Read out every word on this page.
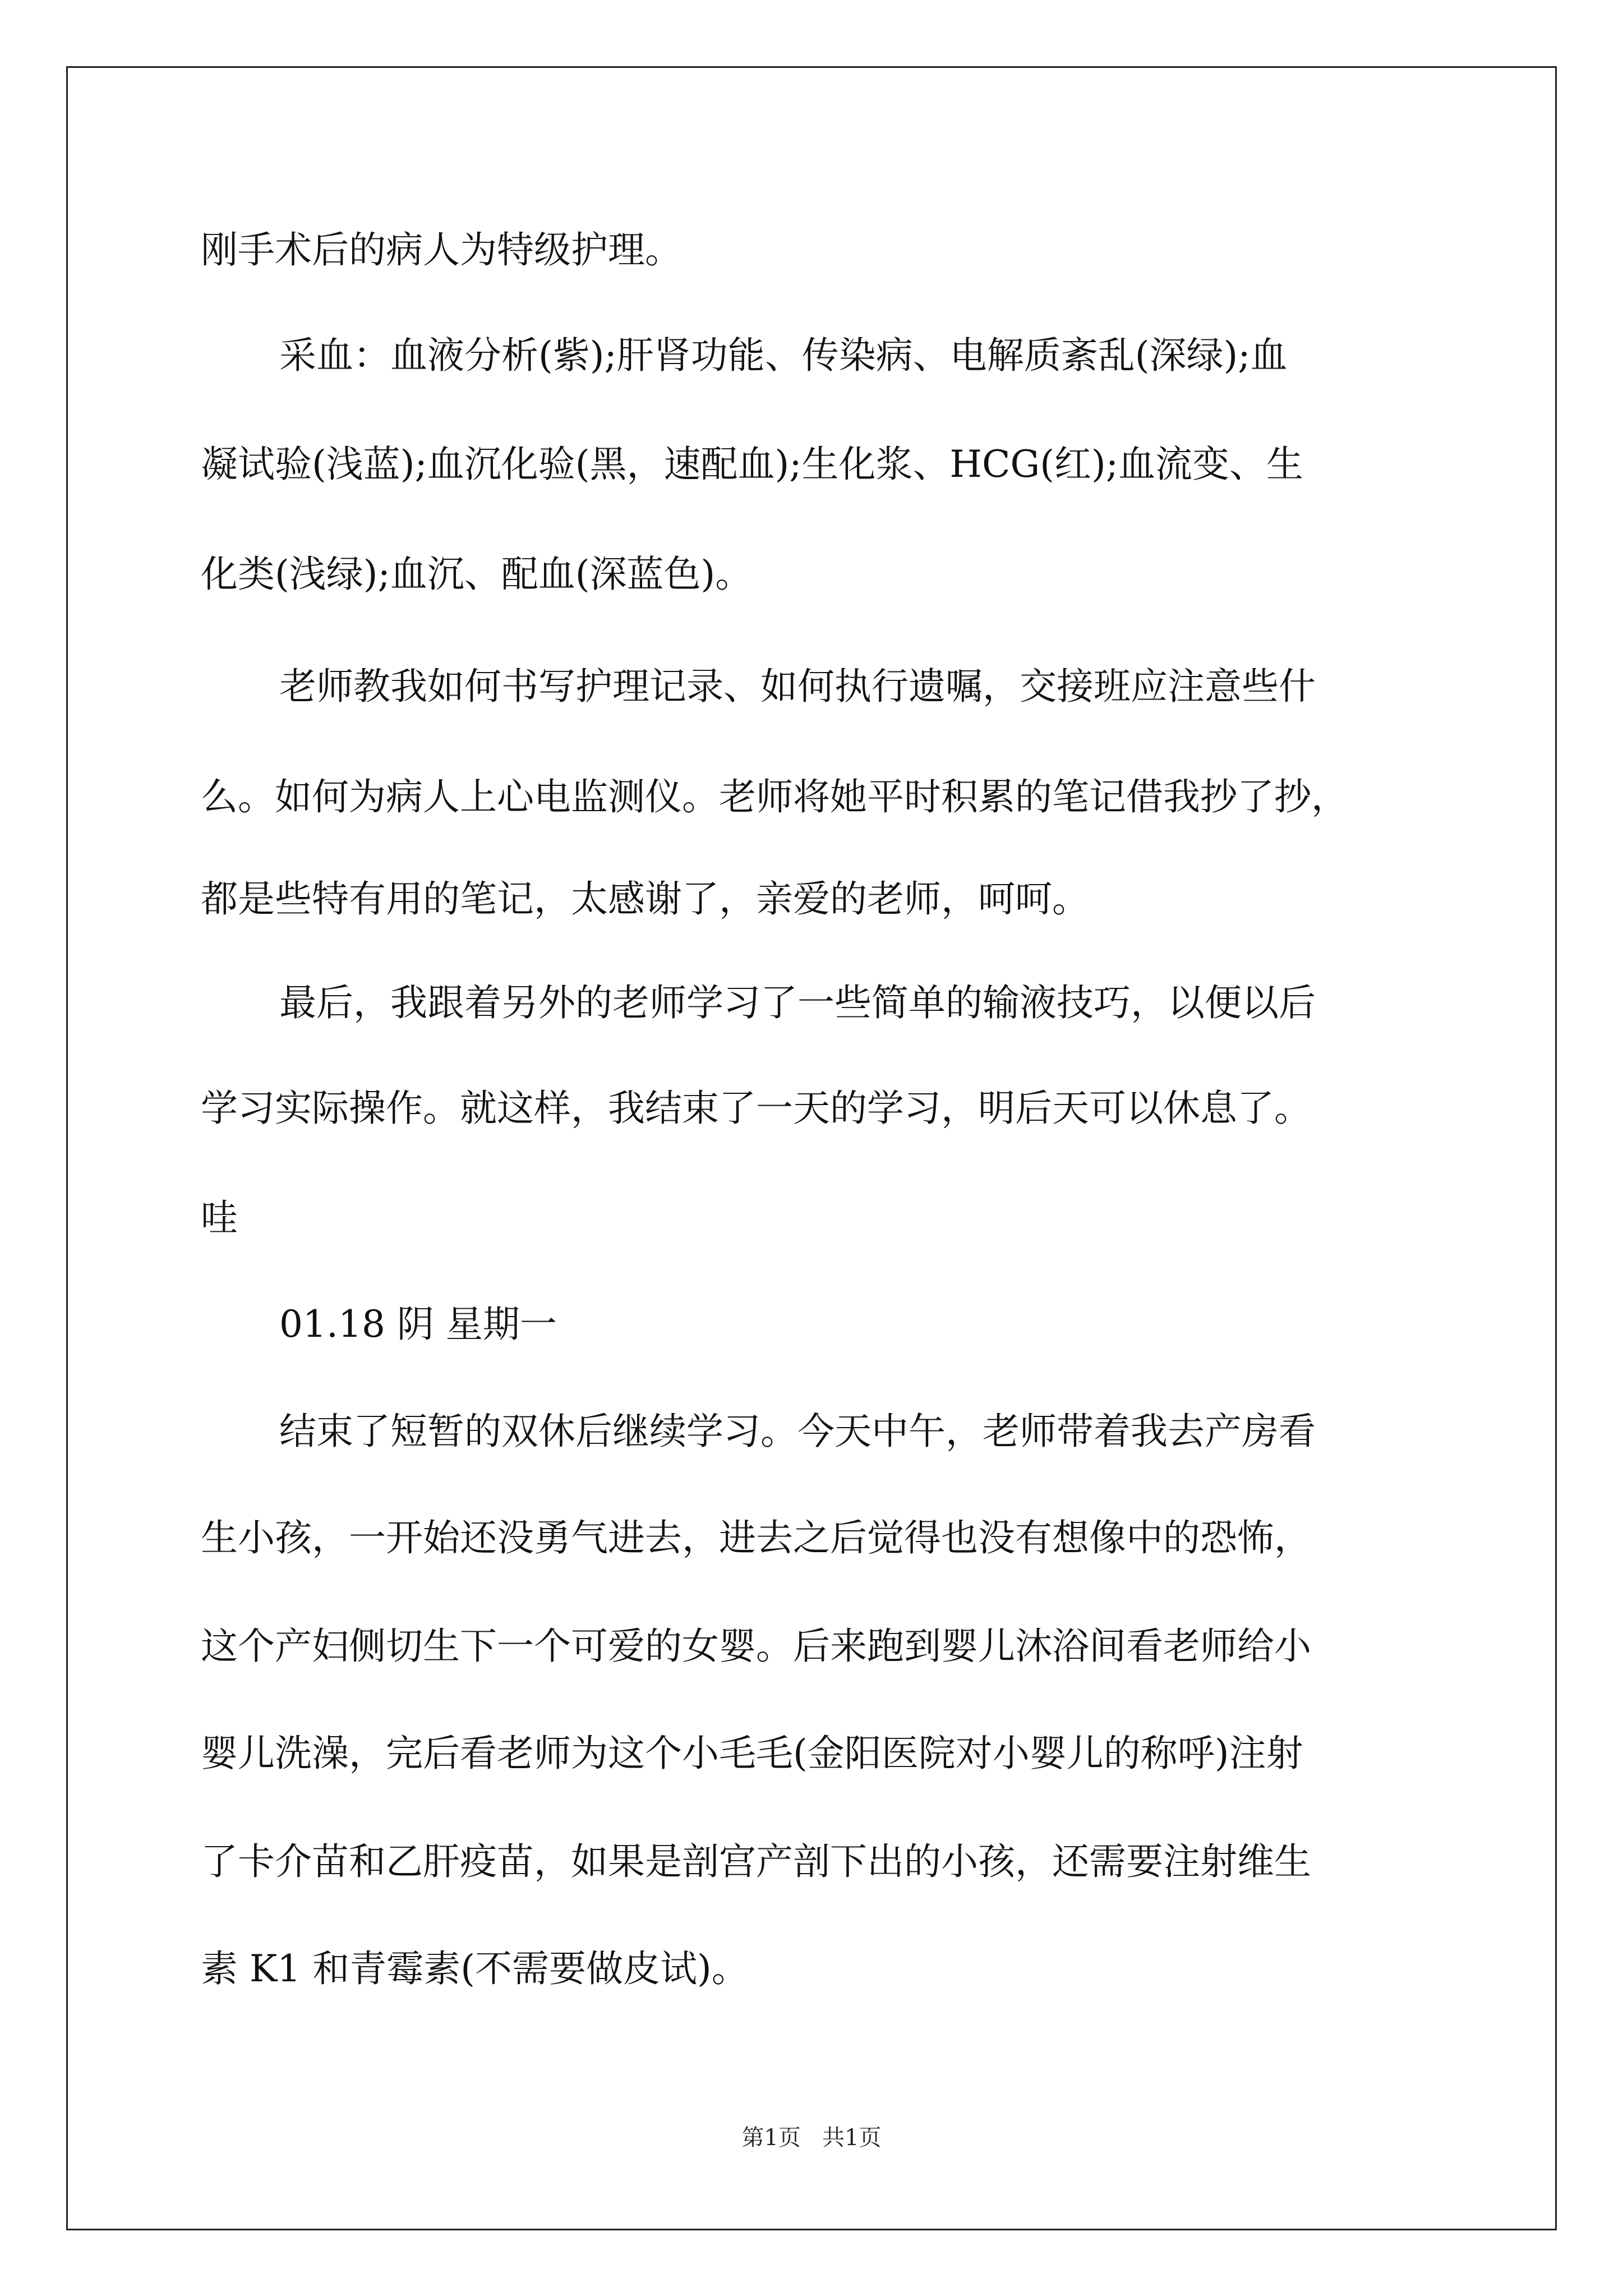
刚手术后的病人为特级护理。

采血：血液分析(紫);肝肾功能、传染病、电解质紊乱(深绿);血

凝试验(浅蓝);血沉化验(黑，速配血);生化浆、HCG(红);血流变、生

化类(浅绿);血沉、配血(深蓝色)。

老师教我如何书写护理记录、如何执行遗嘱，交接班应注意些什

么。如何为病人上心电监测仪。老师将她平时积累的笔记借我抄了抄，

都是些特有用的笔记，太感谢了，亲爱的老师，呵呵。

最后，我跟着另外的老师学习了一些简单的输液技巧，以便以后

学习实际操作。就这样，我结束了一天的学习，明后天可以休息了。

哇

01.18 阴 星期一

结束了短暂的双休后继续学习。今天中午，老师带着我去产房看

生小孩，一开始还没勇气进去，进去之后觉得也没有想像中的恐怖，

这个产妇侧切生下一个可爱的女婴。后来跑到婴儿沐浴间看老师给小

婴儿洗澡，完后看老师为这个小毛毛(金阳医院对小婴儿的称呼)注射

了卡介苗和乙肝疫苗，如果是剖宫产剖下出的小孩，还需要注射维生

素 K1 和青霉素(不需要做皮试)。

第1页   共1页
